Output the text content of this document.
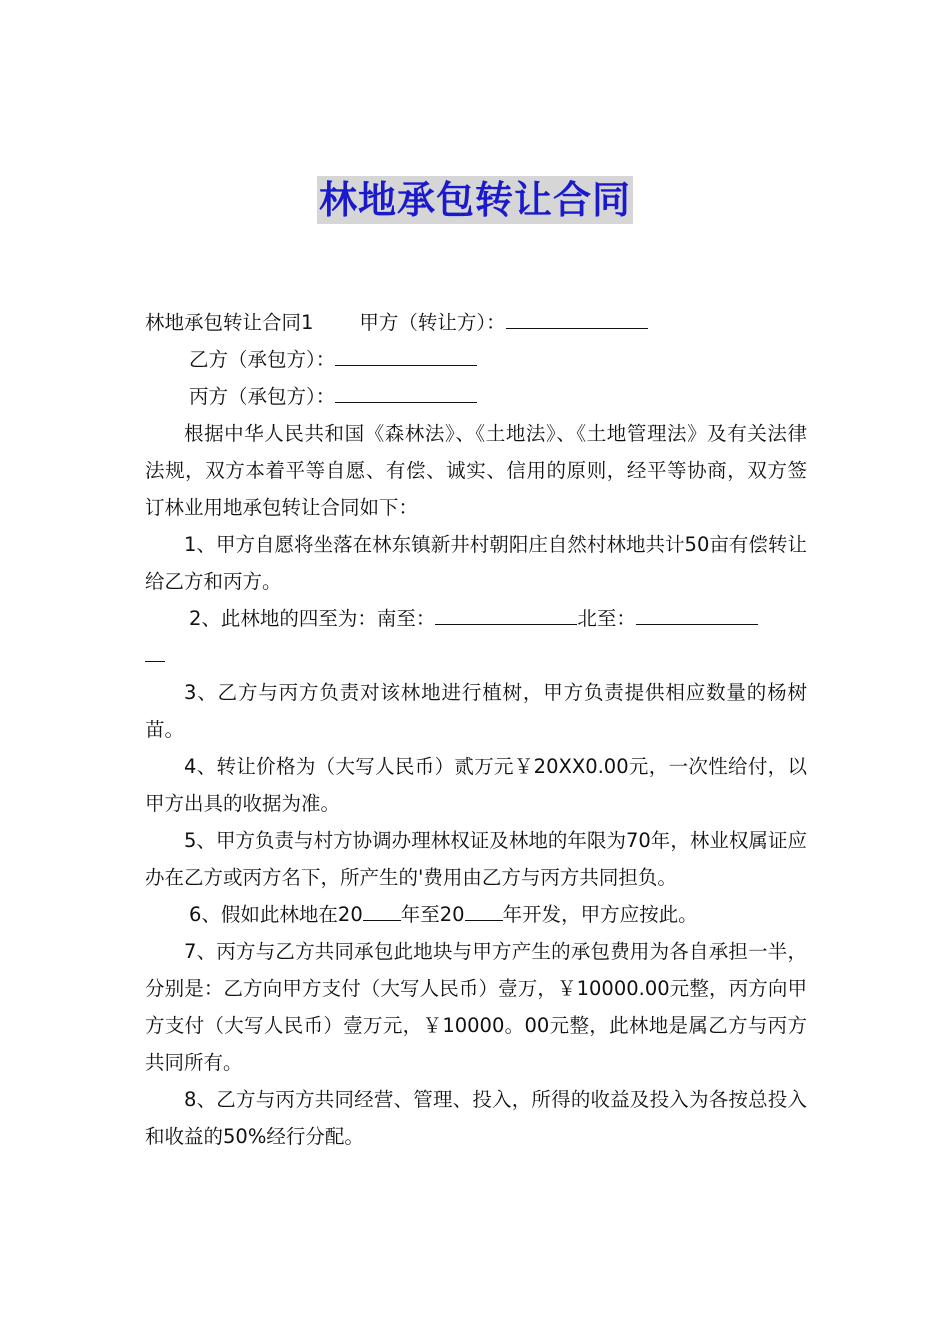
林地承包转让合同
林地承包转让合同1 甲方（转让方）：
乙方（承包方）：
丙方（承包方）：

根据中华人民共和国《森林法》、《土地法》、《土地管理法》及有关法律法规，双方本着平等自愿、有偿、诚实、信用的原则，经平等协商，双方签订林业用地承包转让合同如下：

1、甲方自愿将坐落在林东镇新井村朝阳庄自然村林地共计50亩有偿转让给乙方和丙方。

2、此林地的四至为：南至：	北至：

3、乙方与丙方负责对该林地进行植树，甲方负责提供相应数量的杨树苗。

4、转让价格为（大写人民币）贰万元￥20XX0.00元，一次性给付，以甲方出具的收据为准。

5、甲方负责与村方协调办理林权证及林地的年限为70年，林业权属证应办在乙方或丙方名下，所产生的'费用由乙方与丙方共同担负。

6、假如此林地在20 年至20 年开发，甲方应按此。

7、丙方与乙方共同承包此地块与甲方产生的承包费用为各自承担一半，分别是：乙方向甲方支付（大写人民币）壹万，￥10000.00元整，丙方向甲方支付（大写人民币）壹万元，￥10000。00元整，此林地是属乙方与丙方共同所有。

8、乙方与丙方共同经营、管理、投入，所得的收益及投入为各按总投入和收益的50%经行分配。
